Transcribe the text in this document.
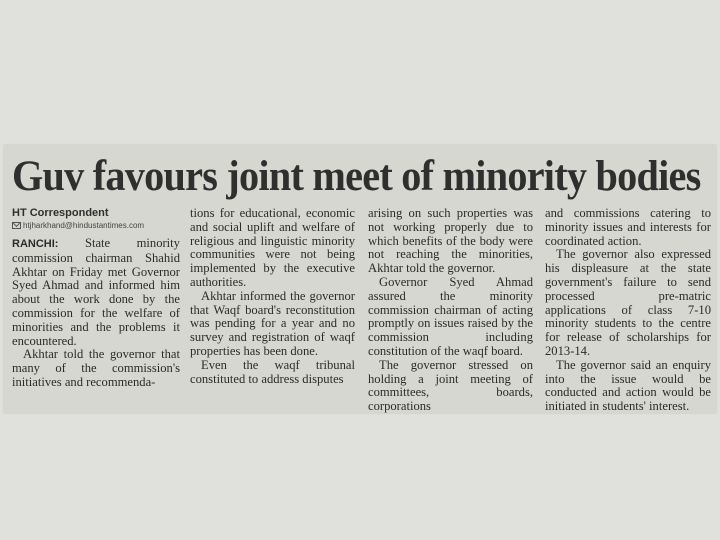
Guv favours joint meet of minority bodies
HT Correspondent
htjharkhand@hindustantimes.com

RANCHI: State minority commission chairman Shahid Akhtar on Friday met Governor Syed Ahmad and informed him about the work done by the commission for the welfare of minorities and the problems it encountered.

Akhtar told the governor that many of the commission's initiatives and recommenda-

tions for educational, economic and social uplift and welfare of religious and linguistic minority communities were not being implemented by the executive authorities.

Akhtar informed the governor that Waqf board's reconstitution was pending for a year and no survey and registration of waqf properties has been done.

Even the waqf tribunal constituted to address disputes

arising on such properties was not working properly due to which benefits of the body were not reaching the minorities, Akhtar told the governor.

Governor Syed Ahmad assured the minority commission chairman of acting promptly on issues raised by the commission including constitution of the waqf board.

The governor stressed on holding a joint meeting of committees, boards, corporations

and commissions catering to minority issues and interests for coordinated action.

The governor also expressed his displeasure at the state government's failure to send processed pre-matric applications of class 7-10 minority students to the centre for release of scholarships for 2013-14.

The governor said an enquiry into the issue would be conducted and action would be initiated in students' interest.
